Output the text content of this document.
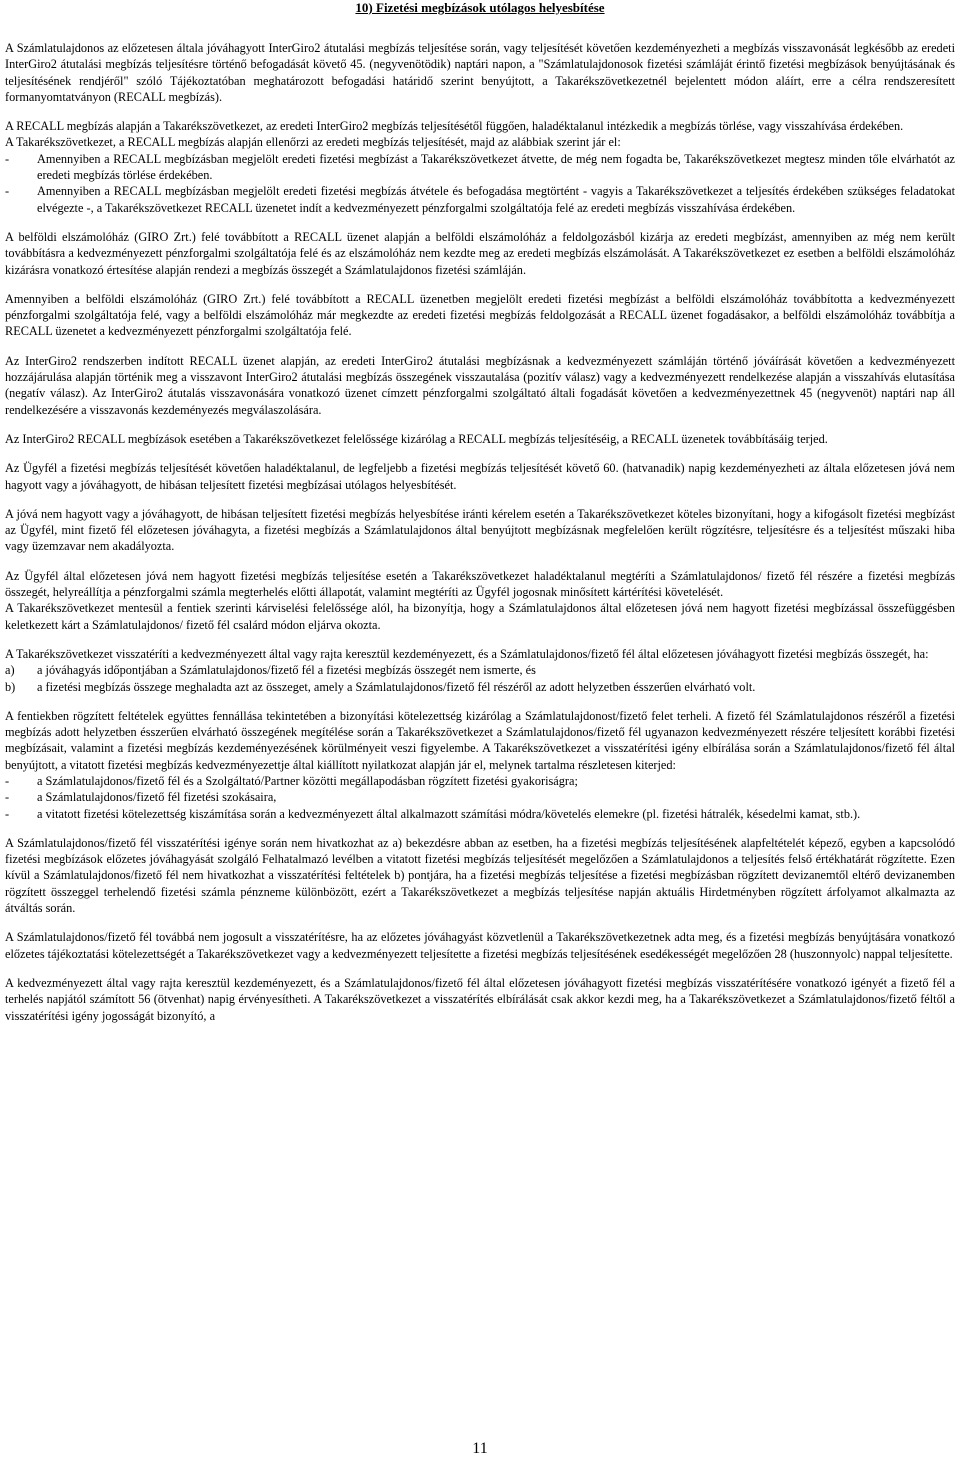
10) Fizetési megbízások utólagos helyesbítése

A Számlatulajdonos az előzetesen általa jóváhagyott InterGiro2 átutalási megbízás teljesítése során, vagy teljesítését követően kezdeményezheti a megbízás visszavonását legkésőbb az eredeti InterGiro2 átutalási megbízás teljesítésre történő befogadását követő 45. (negyvenötödik) naptári napon, a "Számlatulajdonosok fizetési számláját érintő fizetési megbízások benyújtásának és teljesítésének rendjéről" szóló Tájékoztatóban meghatározott befogadási határidő szerint benyújtott, a Takarékszövetkezetnél bejelentett módon aláírt, erre a célra rendszeresített formanyomtatványon (RECALL megbízás).

A RECALL megbízás alapján a Takarékszövetkezet, az eredeti InterGiro2 megbízás teljesítésétől függően, haladéktalanul intézkedik a megbízás törlése, vagy visszahívása érdekében.

A Takarékszövetkezet, a RECALL megbízás alapján ellenőrzi az eredeti megbízás teljesítését, majd az alábbiak szerint jár el:

-	Amennyiben a RECALL megbízásban megjelölt eredeti fizetési megbízást a Takarékszövetkezet átvette, de még nem fogadta be, Takarékszövetkezet megtesz minden tőle elvárhatót az eredeti megbízás törlése érdekében.
-	Amennyiben a RECALL megbízásban megjelölt eredeti fizetési megbízás átvétele és befogadása megtörtént - vagyis a Takarékszövetkezet a teljesítés érdekében szükséges feladatokat elvégezte -, a Takarékszövetkezet RECALL üzenetet indít a kedvezményezett pénzforgalmi szolgáltatója felé az eredeti megbízás visszahívása érdekében.

A belföldi elszámolóház (GIRO Zrt.) felé továbbított a RECALL üzenet alapján a belföldi elszámolóház a feldolgozásból kizárja az eredeti megbízást, amennyiben az még nem került továbbításra a kedvezményezett pénzforgalmi szolgáltatója felé és az elszámolóház nem kezdte meg az eredeti megbízás elszámolását. A Takarékszövetkezet ez esetben a belföldi elszámolóház kizárásra vonatkozó értesítése alapján rendezi a megbízás összegét a Számlatulajdonos fizetési számláján.

Amennyiben a belföldi elszámolóház (GIRO Zrt.) felé továbbított a RECALL üzenetben megjelölt eredeti fizetési megbízást a belföldi elszámolóház továbbította a kedvezményezett pénzforgalmi szolgáltatója felé, vagy a belföldi elszámolóház már megkezdte az eredeti fizetési megbízás feldolgozását a RECALL üzenet fogadásakor, a belföldi elszámolóház továbbítja a RECALL üzenetet a kedvezményezett pénzforgalmi szolgáltatója felé.

Az InterGiro2 rendszerben indított RECALL üzenet alapján, az eredeti InterGiro2 átutalási megbízásnak a kedvezményezett számláján történő jóváírását követően a kedvezményezett hozzájárulása alapján történik meg a visszavont InterGiro2 átutalási megbízás összegének visszautalása (pozitív válasz) vagy a kedvezményezett rendelkezése alapján a visszahívás elutasítása (negatív válasz). Az InterGiro2 átutalás visszavonására vonatkozó üzenet címzett pénzforgalmi szolgáltató általi fogadását követően a kedvezményezettnek 45 (negyvenöt) naptári nap áll rendelkezésére a visszavonás kezdeményezés megválaszolására.

Az InterGiro2 RECALL megbízások esetében a Takarékszövetkezet felelőssége kizárólag a RECALL megbízás teljesítéséig, a RECALL üzenetek továbbításáig terjed.

Az Ügyfél a fizetési megbízás teljesítését követően haladéktalanul, de legfeljebb a fizetési megbízás teljesítését követő 60. (hatvanadik) napig kezdeményezheti az általa előzetesen jóvá nem hagyott vagy a jóváhagyott, de hibásan teljesített fizetési megbízásai utólagos helyesbítését.

A jóvá nem hagyott vagy a jóváhagyott, de hibásan teljesített fizetési megbízás helyesbítése iránti kérelem esetén a Takarékszövetkezet köteles bizonyítani, hogy a kifogásolt fizetési megbízást az Ügyfél, mint fizető fél előzetesen jóváhagyta, a fizetési megbízás a Számlatulajdonos által benyújtott megbízásnak megfelelően került rögzítésre, teljesítésre és a teljesítést műszaki hiba vagy üzemzavar nem akadályozta.

Az Ügyfél által előzetesen jóvá nem hagyott fizetési megbízás teljesítése esetén a Takarékszövetkezet haladéktalanul megtéríti a Számlatulajdonos/ fizető fél részére a fizetési megbízás összegét, helyreállítja a pénzforgalmi számla megterhelés előtti állapotát, valamint megtéríti az Ügyfél jogosnak minősített kártérítési követelését.

A Takarékszövetkezet mentesül a fentiek szerinti kárviselési felelőssége alól, ha bizonyítja, hogy a Számlatulajdonos által előzetesen jóvá nem hagyott fizetési megbízással összefüggésben keletkezett kárt a Számlatulajdonos/ fizető fél csalárd módon eljárva okozta.

A Takarékszövetkezet visszatéríti a kedvezményezett által vagy rajta keresztül kezdeményezett, és a Számlatulajdonos/fizető fél által előzetesen jóváhagyott fizetési megbízás összegét, ha:

a)	a jóváhagyás időpontjában a Számlatulajdonos/fizető fél a fizetési megbízás összegét nem ismerte, és
b)	a fizetési megbízás összege meghaladta azt az összeget, amely a Számlatulajdonos/fizető fél részéről az adott helyzetben ésszerűen elvárható volt.

A fentiekben rögzített feltételek együttes fennállása tekintetében a bizonyítási kötelezettség kizárólag a Számlatulajdonost/fizető felet terheli. A fizető fél Számlatulajdonos részéről a fizetési megbízás adott helyzetben ésszerűen elvárható összegének megítélése során a Takarékszövetkezet a Számlatulajdonos/fizető fél ugyanazon kedvezményezett részére teljesített korábbi fizetési megbízásait, valamint a fizetési megbízás kezdeményezésének körülményeit veszi figyelembe. A Takarékszövetkezet a visszatérítési igény elbírálása során a Számlatulajdonos/fizető fél által benyújtott, a vitatott fizetési megbízás kedvezményezettje által kiállított nyilatkozat alapján jár el, melynek tartalma részletesen kiterjed:

-	a Számlatulajdonos/fizető fél és a Szolgáltató/Partner közötti megállapodásban rögzített fizetési gyakoriságra;
-	a Számlatulajdonos/fizető fél fizetési szokásaira,
-	a vitatott fizetési kötelezettség kiszámítása során a kedvezményezett által alkalmazott számítási módra/követelés elemekre (pl. fizetési hátralék, késedelmi kamat, stb.).

A Számlatulajdonos/fizető fél visszatérítési igénye során nem hivatkozhat az a) bekezdésre abban az esetben, ha a fizetési megbízás teljesítésének alapfeltételét képező, egyben a kapcsolódó fizetési megbízások előzetes jóváhagyását szolgáló Felhatalmazó levélben a vitatott fizetési megbízás teljesítését megelőzően a Számlatulajdonos a teljesítés felső értékhatárát rögzítette. Ezen kívül a Számlatulajdonos/fizető fél nem hivatkozhat a visszatérítési feltételek b) pontjára, ha a fizetési megbízás teljesítése a fizetési megbízásban rögzített devizanemtől eltérő devizanemben rögzített összeggel terhelendő fizetési számla pénzneme különbözött, ezért a Takarékszövetkezet a megbízás teljesítése napján aktuális Hirdetményben rögzített árfolyamot alkalmazta az átváltás során.

A Számlatulajdonos/fizető fél továbbá nem jogosult a visszatérítésre, ha az előzetes jóváhagyást közvetlenül a Takarékszövetkezetnek adta meg, és a fizetési megbízás benyújtására vonatkozó előzetes tájékoztatási kötelezettségét a Takarékszövetkezet vagy a kedvezményezett teljesítette a fizetési megbízás teljesítésének esedékességét megelőzően 28 (huszonnyolc) nappal teljesítette.

A kedvezményezett által vagy rajta keresztül kezdeményezett, és a Számlatulajdonos/fizető fél által előzetesen jóváhagyott fizetési megbízás visszatérítésére vonatkozó igényét a fizető fél a terhelés napjától számított 56 (ötvenhat) napig érvényesítheti. A Takarékszövetkezet a visszatérítés elbírálását csak akkor kezdi meg, ha a Takarékszövetkezet a Számlatulajdonos/fizető féltől a visszatérítési igény jogosságát bizonyító, a

11
